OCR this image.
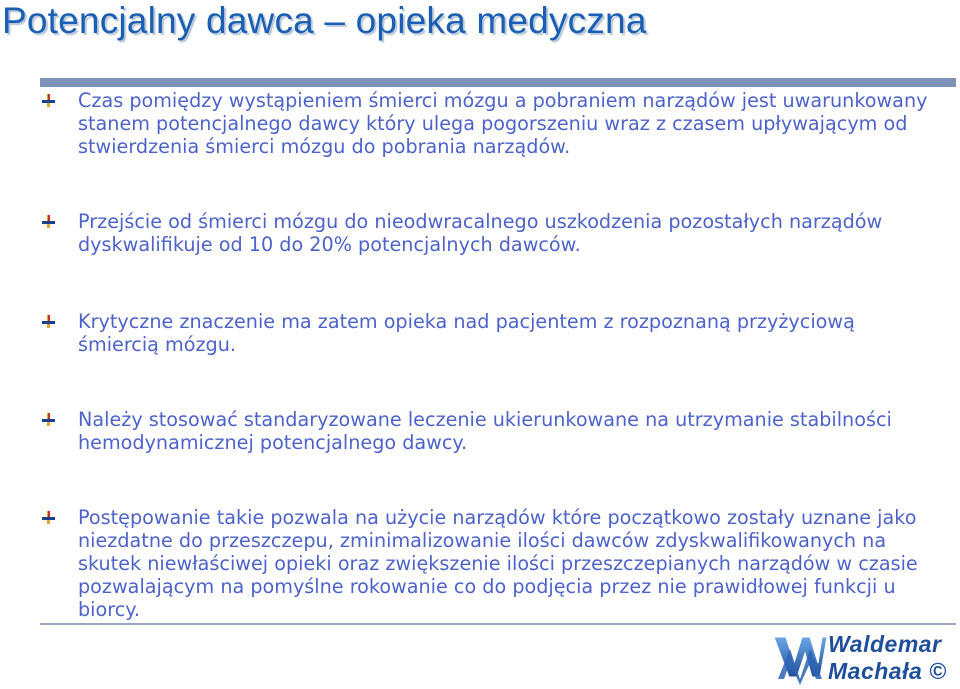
Potencjalny dawca – opieka medyczna
Czas pomiędzy wystąpieniem śmierci mózgu a pobraniem narządów jest uwarunkowany stanem potencjalnego dawcy który ulega pogorszeniu wraz z czasem upływającym od stwierdzenia śmierci mózgu do pobrania narządów.
Przejście od śmierci mózgu do nieodwracalnego uszkodzenia pozostałych narządów dyskwalifikuje od 10 do 20% potencjalnych dawców.
Krytyczne znaczenie ma zatem opieka nad pacjentem z rozpoznaną przyżyciową śmiercią mózgu.
Należy stosować standaryzowane leczenie ukierunkowane na utrzymanie stabilności hemodynamicznej potencjalnego dawcy.
Postępowanie takie pozwala na użycie narządów które początkowo zostały uznane jako niezdatne do przeszczepu, zminimalizowanie ilości dawców zdyskwalifikowanych na skutek niewłaściwej opieki oraz zwiększenie ilości przeszczepianych narządów w czasie pozwalającym na pomyślne rokowanie co do podjęcia przez nie prawidłowej funkcji u biorcy.
Waldemar
Machała ©
